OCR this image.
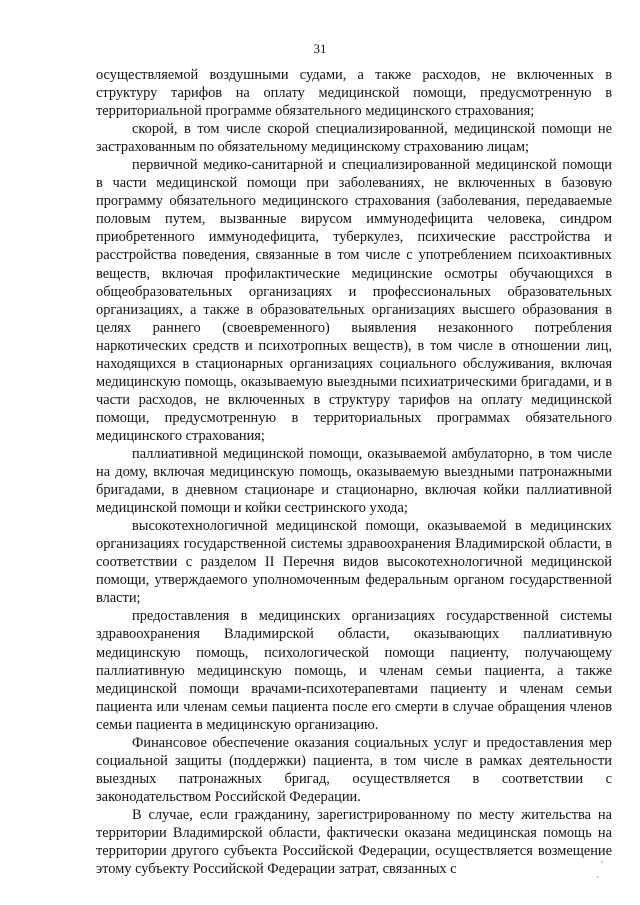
31

осуществляемой воздушными судами, а также расходов, не включенных в структуру тарифов на оплату медицинской помощи, предусмотренную в территориальной программе обязательного медицинского страхования;

скорой, в том числе скорой специализированной, медицинской помощи не застрахованным по обязательному медицинскому страхованию лицам;

первичной медико-санитарной и специализированной медицинской помощи в части медицинской помощи при заболеваниях, не включенных в базовую программу обязательного медицинского страхования (заболевания, передаваемые половым путем, вызванные вирусом иммунодефицита человека, синдром приобретенного иммунодефицита, туберкулез, психические расстройства и расстройства поведения, связанные в том числе с употреблением психоактивных веществ, включая профилактические медицинские осмотры обучающихся в общеобразовательных организациях и профессиональных образовательных организациях, а также в образовательных организациях высшего образования в целях раннего (своевременного) выявления незаконного потребления наркотических средств и психотропных веществ), в том числе в отношении лиц, находящихся в стационарных организациях социального обслуживания, включая медицинскую помощь, оказываемую выездными психиатрическими бригадами, и в части расходов, не включенных в структуру тарифов на оплату медицинской помощи, предусмотренную в территориальных программах обязательного медицинского страхования;

паллиативной медицинской помощи, оказываемой амбулаторно, в том числе на дому, включая медицинскую помощь, оказываемую выездными патронажными бригадами, в дневном стационаре и стационарно, включая койки паллиативной медицинской помощи и койки сестринского ухода;

высокотехнологичной медицинской помощи, оказываемой в медицинских организациях государственной системы здравоохранения Владимирской области, в соответствии с разделом II Перечня видов высокотехнологичной медицинской помощи, утверждаемого уполномоченным федеральным органом государственной власти;

предоставления в медицинских организациях государственной системы здравоохранения Владимирской области, оказывающих паллиативную медицинскую помощь, психологической помощи пациенту, получающему паллиативную медицинскую помощь, и членам семьи пациента, а также медицинской помощи врачами-психотерапевтами пациенту и членам семьи пациента или членам семьи пациента после его смерти в случае обращения членов семьи пациента в медицинскую организацию.

Финансовое обеспечение оказания социальных услуг и предоставления мер социальной защиты (поддержки) пациента, в том числе в рамках деятельности выездных патронажных бригад, осуществляется в соответствии с законодательством Российской Федерации.

В случае, если гражданину, зарегистрированному по месту жительства на территории Владимирской области, фактически оказана медицинская помощь на территории другого субъекта Российской Федерации, осуществляется возмещение этому субъекту Российской Федерации затрат, связанных с
